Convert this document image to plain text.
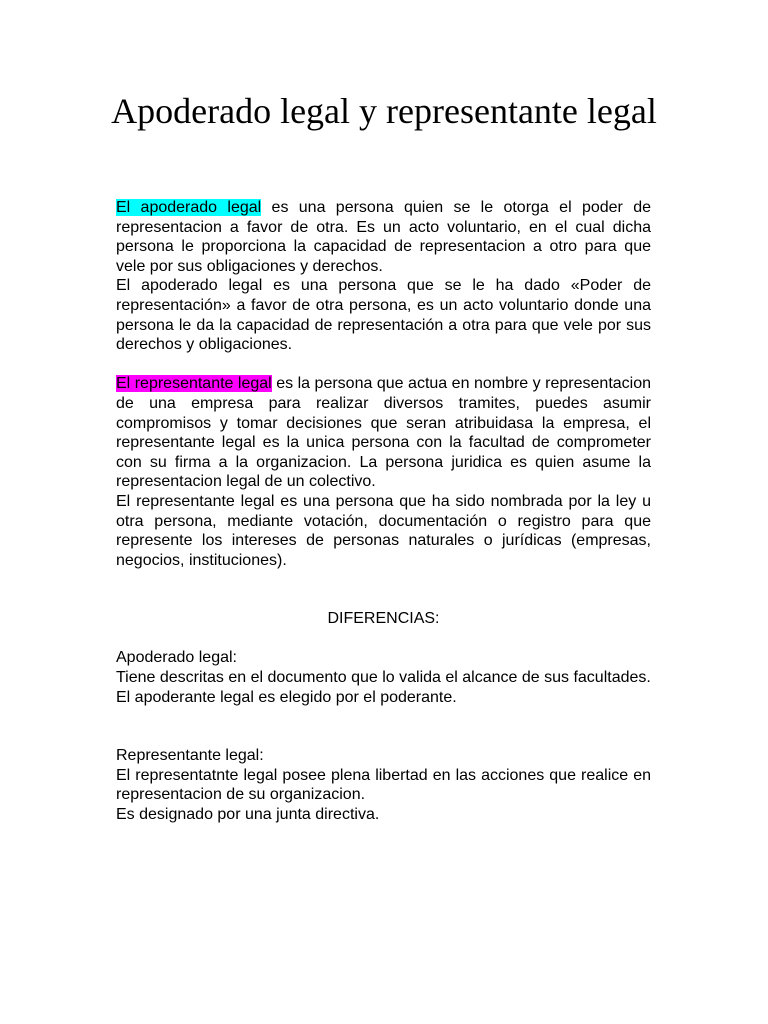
Apoderado legal y representante legal

El apoderado legal es una persona quien se le otorga el poder de representacion a favor de otra. Es un acto voluntario, en el cual dicha persona le proporciona la capacidad de representacion a otro para que vele por sus obligaciones y derechos.

El apoderado legal es una persona que se le ha dado «Poder de representación» a favor de otra persona, es un acto voluntario donde una persona le da la capacidad de representación a otra para que vele por sus derechos y obligaciones.

El representante legal es la persona que actua en nombre y representacion de una empresa para realizar diversos tramites, puedes asumir compromisos y tomar decisiones que seran atribuidasa la empresa, el representante legal es la unica persona con la facultad de comprometer con su firma a la organizacion. La persona juridica es quien asume la representacion legal de un colectivo.

El representante legal es una persona que ha sido nombrada por la ley u otra persona, mediante votación, documentación o registro para que represente los intereses de personas naturales o jurídicas (empresas, negocios, instituciones).

DIFERENCIAS:

Apoderado legal:

Tiene descritas en el documento que lo valida el alcance de sus facultades.

El apoderante legal es elegido por el poderante.

Representante legal:

El representatnte legal posee plena libertad en las acciones que realice en representacion de su organizacion.

Es designado por una junta directiva.
